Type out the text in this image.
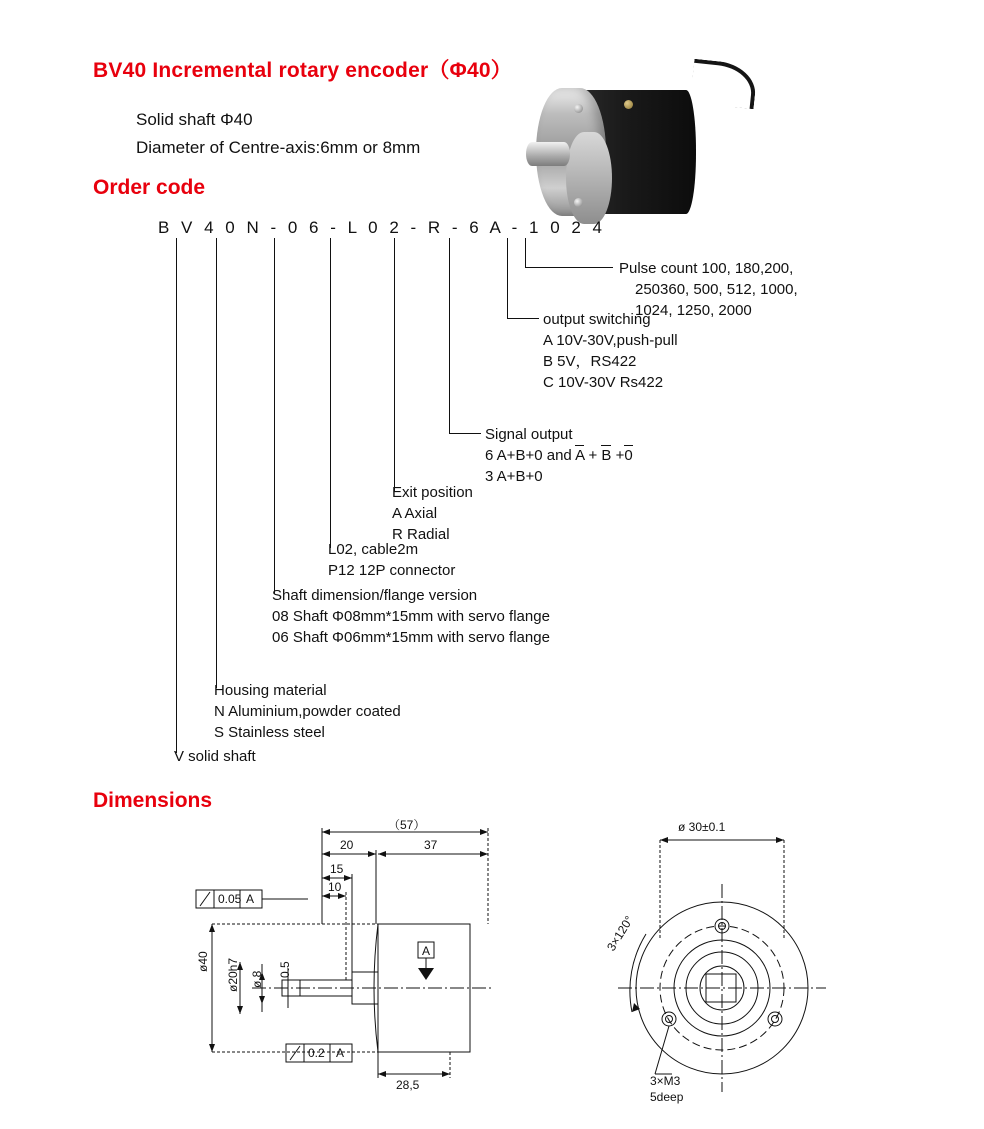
BV40 Incremental rotary encoder（Φ40）
Solid shaft Φ40
Diameter of Centre-axis:6mm or 8mm
Order code
B V 4 0 N - 0 6 - L 0 2 - R - 6 A - 1 0 2 4
Pulse count 100, 180,200,
250360, 500, 512, 1000,
1024, 1250, 2000
output switching
A 10V-30V,push-pull
B 5V，RS422
C 10V-30V Rs422
Signal output
6 A+B+0 and A + B +0
3 A+B+0
Exit position
A Axial
R Radial
L02, cable2m
P12 12P connector
Shaft dimension/flange version
08 Shaft Φ08mm*15mm with servo flange
06 Shaft Φ06mm*15mm with servo flange
Housing material
N Aluminium,powder coated
S Stainless steel
V solid shaft
Dimensions
（57）
20	37
15
10
0.05 A
0.2 A
ø40 ø20h7 ø 8
0.5
A
28,5
ø 30±0.1
3×120°
3×M3
5deep
